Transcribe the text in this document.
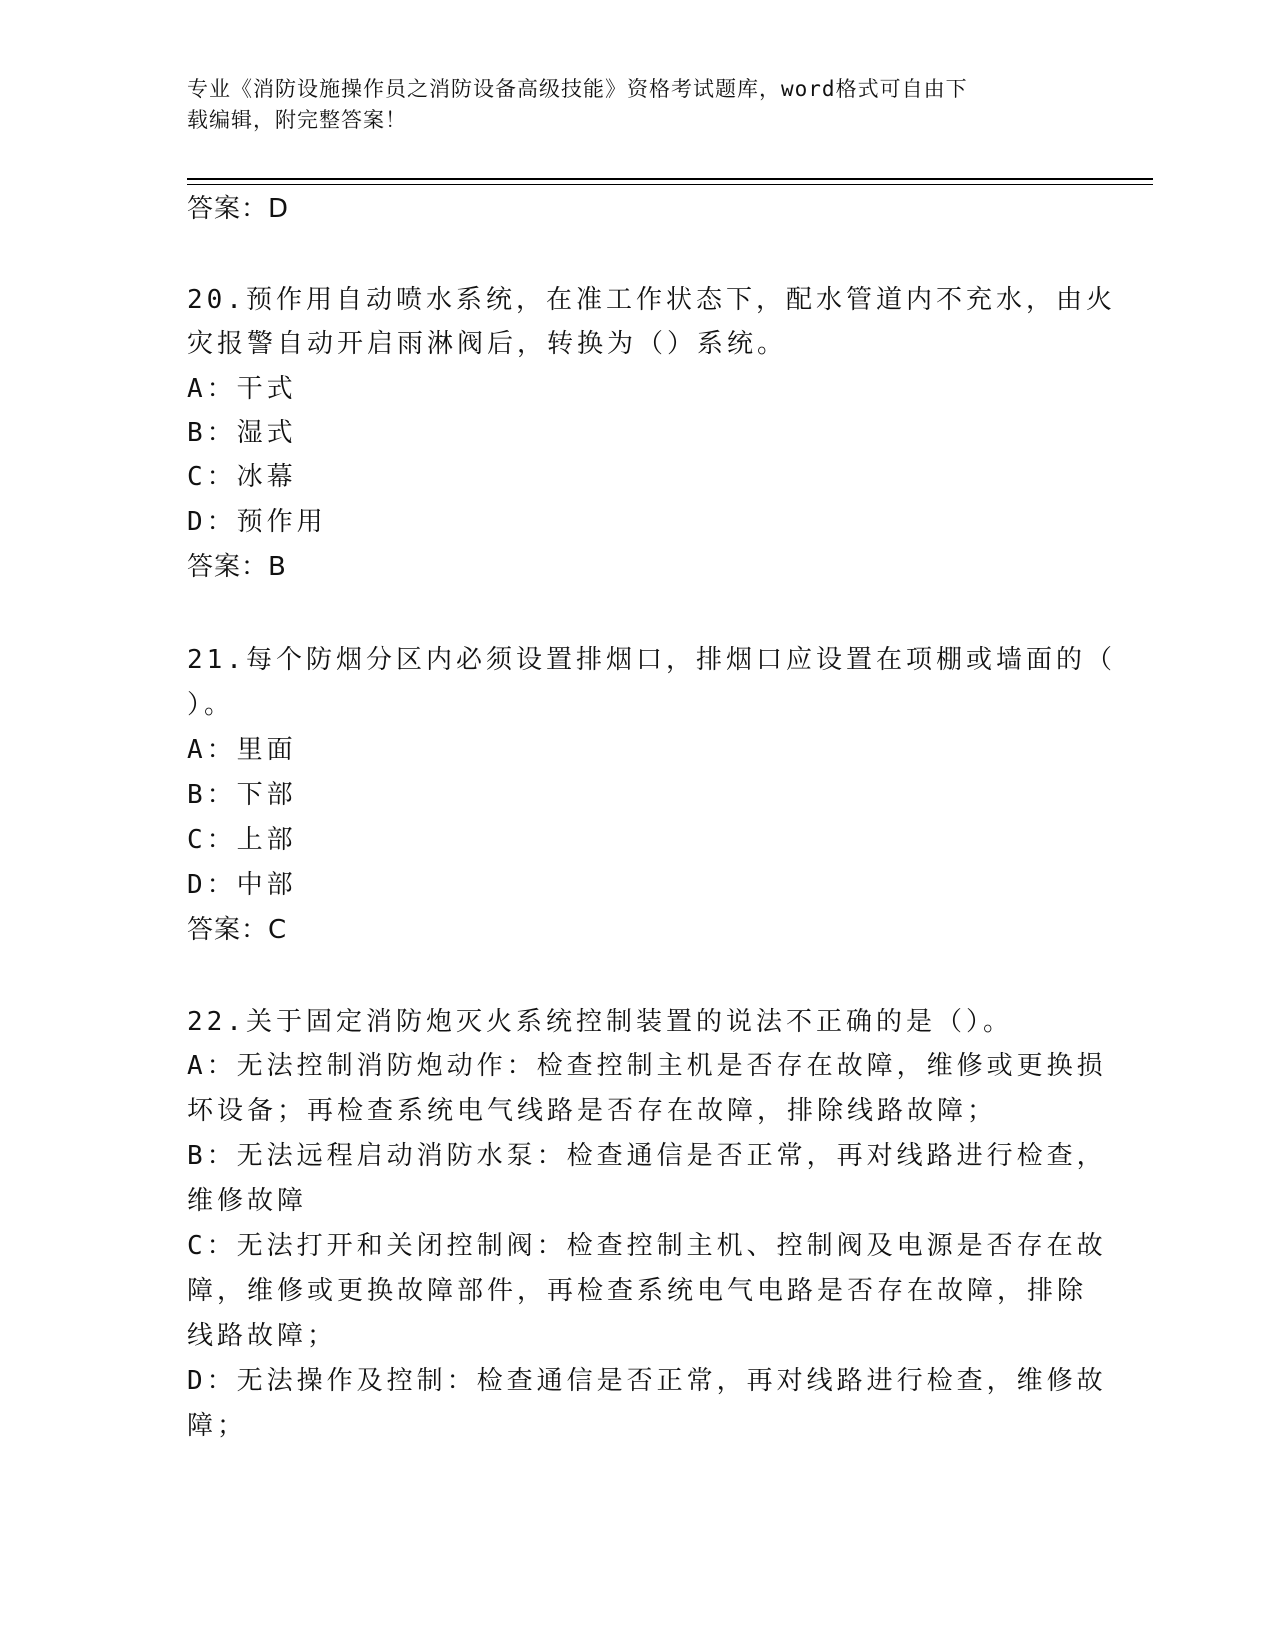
专业《消防设施操作员之消防设备高级技能》资格考试题库，word格式可自由下
载编辑，附完整答案！
答案：D
20.预作用自动喷水系统，在准工作状态下，配水管道内不充水，由火
灾报警自动开启雨淋阀后，转换为（）系统。
A：干式
B：湿式
C：冰幕
D：预作用
答案：B
21.每个防烟分区内必须设置排烟口，排烟口应设置在项棚或墙面的（
）。
A：里面
B：下部
C：上部
D：中部
答案：C
22.关于固定消防炮灭火系统控制装置的说法不正确的是（）。
A：无法控制消防炮动作：检查控制主机是否存在故障，维修或更换损
坏设备；再检查系统电气线路是否存在故障，排除线路故障；
B：无法远程启动消防水泵：检查通信是否正常，再对线路进行检查，
维修故障
C：无法打开和关闭控制阀：检查控制主机、控制阀及电源是否存在故
障，维修或更换故障部件，再检查系统电气电路是否存在故障，排除
线路故障；
D：无法操作及控制：检查通信是否正常，再对线路进行检查，维修故
障；
